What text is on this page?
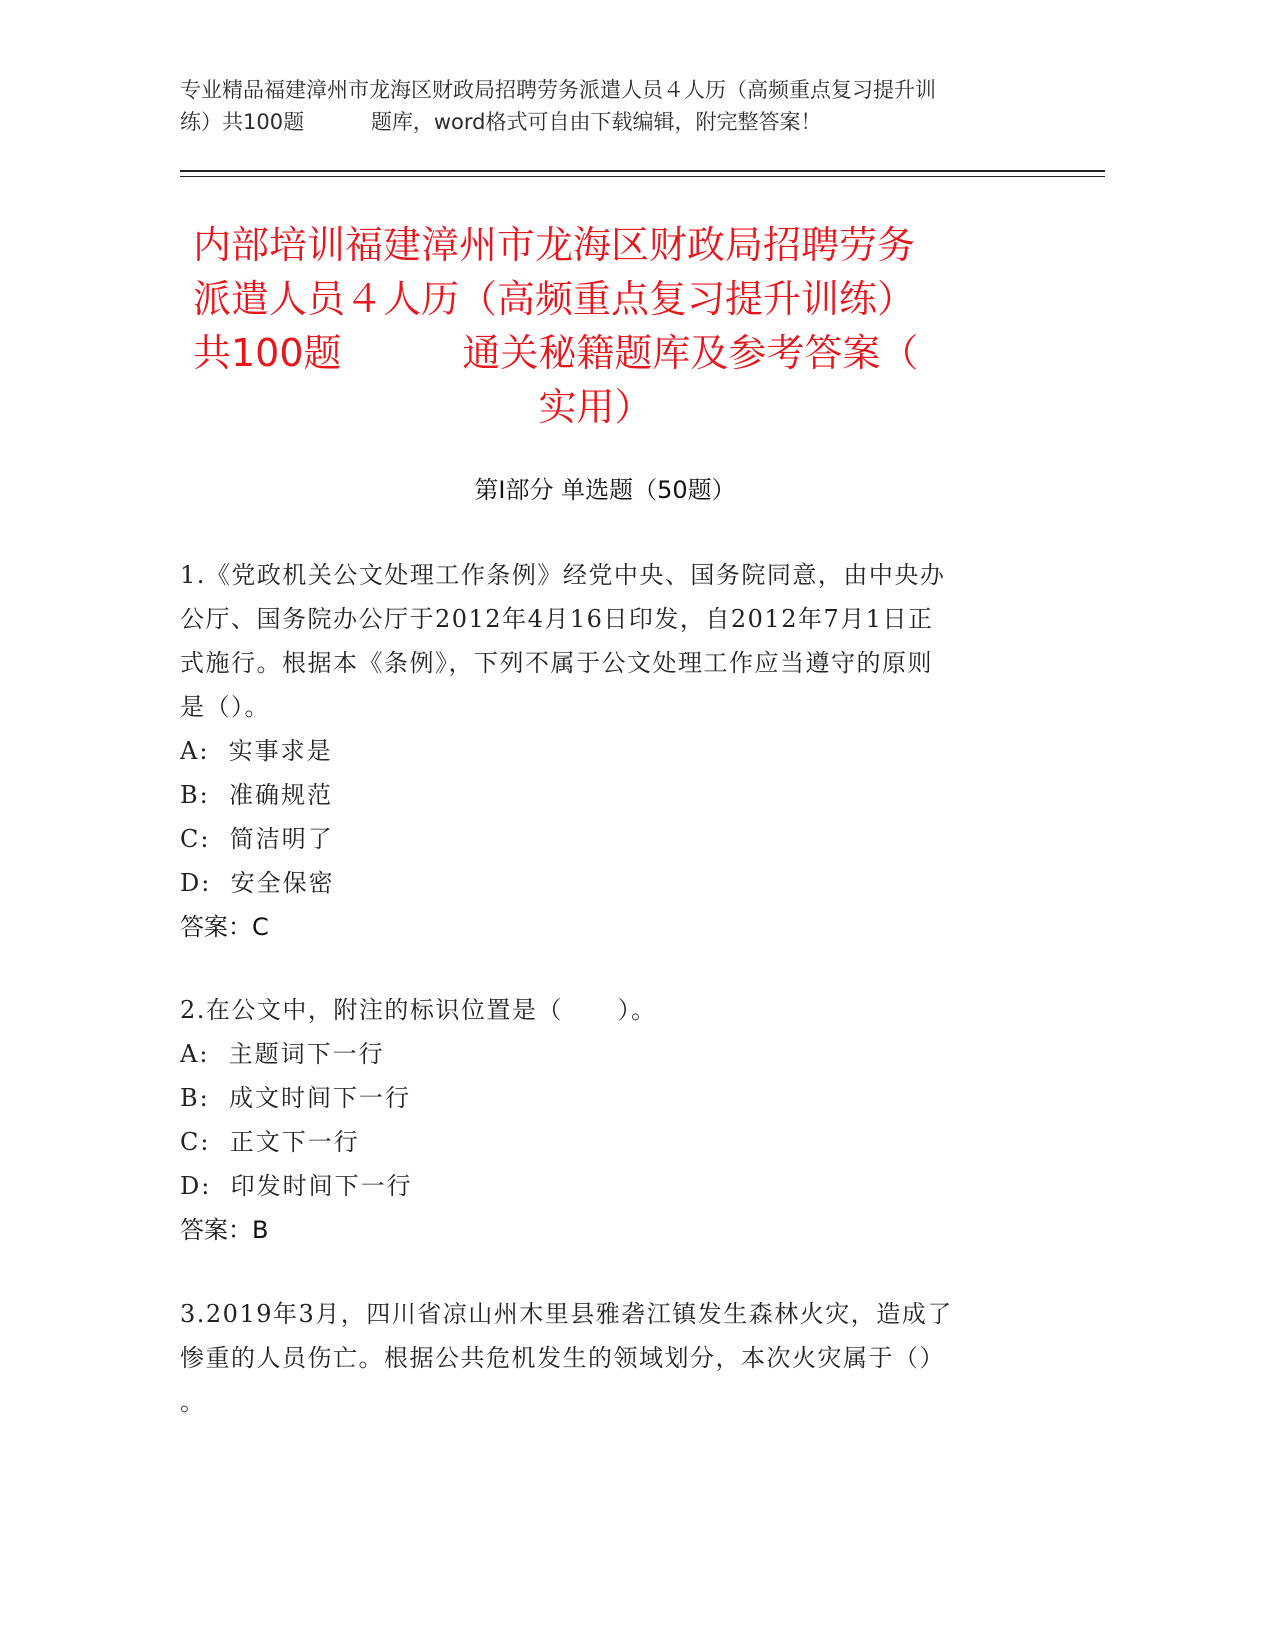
专业精品福建漳州市龙海区财政局招聘劳务派遣人员４人历（高频重点复习提升训
练）共100题          题库，word格式可自由下载编辑，附完整答案！
内部培训福建漳州市龙海区财政局招聘劳务
派遣人员４人历（高频重点复习提升训练）
共100题          通关秘籍题库及参考答案（
实用）
第Ⅰ部分 单选题（50题）
1.《党政机关公文处理工作条例》经党中央、国务院同意，由中央办
公厅、国务院办公厅于2012年4月16日印发，自2012年7月1日正
式施行。根据本《条例》，下列不属于公文处理工作应当遵守的原则
是（）。
A:  实事求是
B:  准确规范
C:  简洁明了
D:  安全保密
答案：C
2.在公文中，附注的标识位置是（      ）。
A:  主题词下一行
B:  成文时间下一行
C:  正文下一行
D:  印发时间下一行
答案：B
3.2019年3月，四川省凉山州木里县雅砻江镇发生森林火灾，造成了
惨重的人员伤亡。根据公共危机发生的领域划分，本次火灾属于（）
。
